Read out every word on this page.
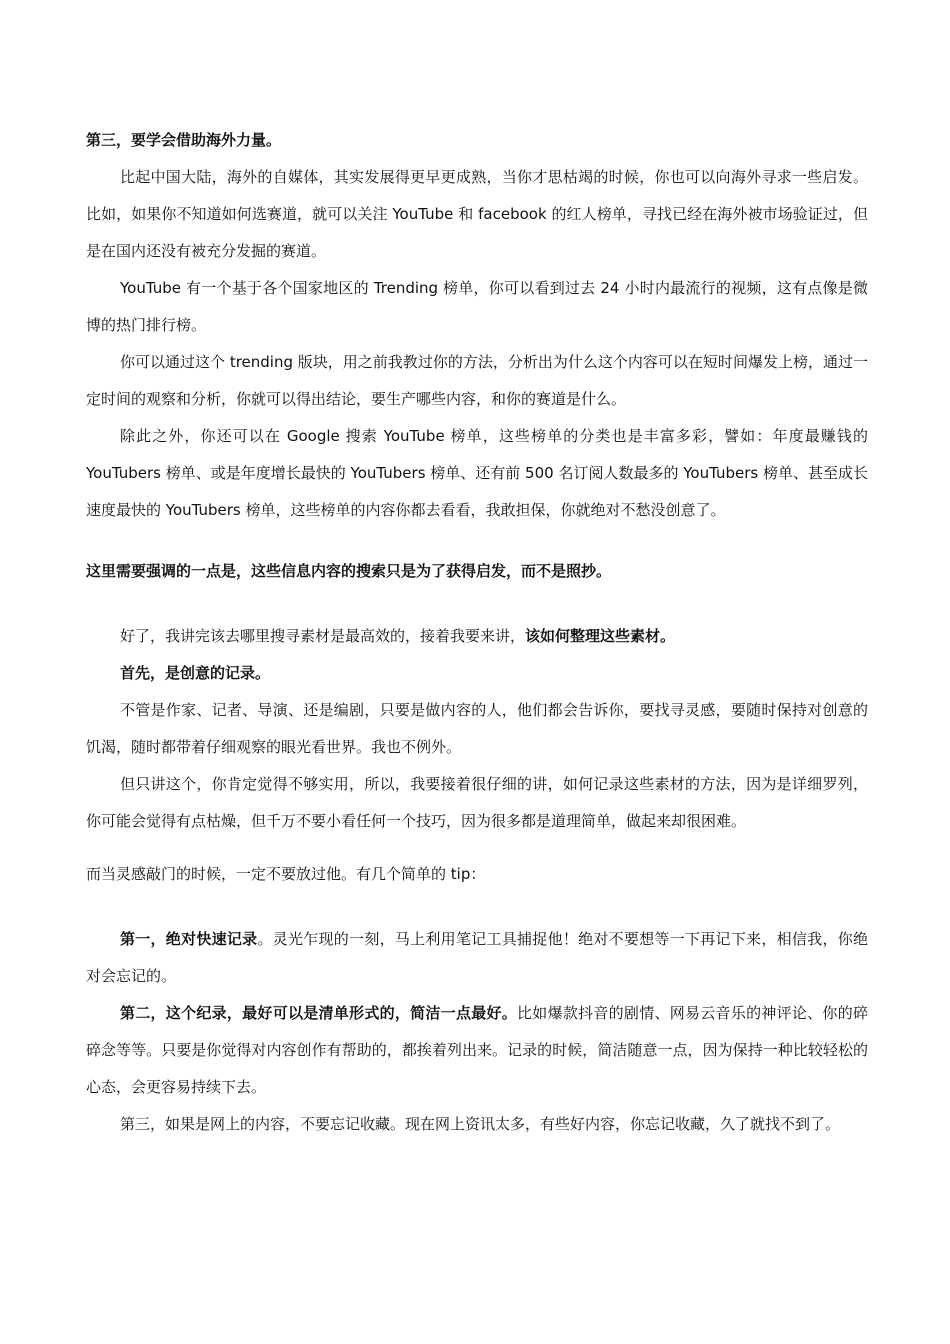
第三，要学会借助海外力量。

比起中国大陆，海外的自媒体，其实发展得更早更成熟，当你才思枯竭的时候，你也可以向海外寻求一些启发。比如，如果你不知道如何选赛道，就可以关注 YouTube 和 facebook 的红人榜单，寻找已经在海外被市场验证过，但是在国内还没有被充分发掘的赛道。

YouTube 有一个基于各个国家地区的 Trending 榜单，你可以看到过去 24 小时内最流行的视频，这有点像是微博的热门排行榜。

你可以通过这个 trending 版块，用之前我教过你的方法，分析出为什么这个内容可以在短时间爆发上榜，通过一定时间的观察和分析，你就可以得出结论，要生产哪些内容，和你的赛道是什么。

除此之外，你还可以在 Google 搜索 YouTube 榜单，这些榜单的分类也是丰富多彩，譬如：年度最赚钱的 YouTubers 榜单、或是年度增长最快的 YouTubers 榜单、还有前 500 名订阅人数最多的 YouTubers 榜单、甚至成长速度最快的 YouTubers 榜单，这些榜单的内容你都去看看，我敢担保，你就绝对不愁没创意了。

这里需要强调的一点是，这些信息内容的搜索只是为了获得启发，而不是照抄。

好了，我讲完该去哪里搜寻素材是最高效的，接着我要来讲，该如何整理这些素材。

首先，是创意的记录。

不管是作家、记者、导演、还是编剧，只要是做内容的人，他们都会告诉你，要找寻灵感，要随时保持对创意的饥渴，随时都带着仔细观察的眼光看世界。我也不例外。

但只讲这个，你肯定觉得不够实用，所以，我要接着很仔细的讲，如何记录这些素材的方法，因为是详细罗列，你可能会觉得有点枯燥，但千万不要小看任何一个技巧，因为很多都是道理简单，做起来却很困难。

而当灵感敲门的时候，一定不要放过他。有几个简单的 tip：

第一，绝对快速记录。灵光乍现的一刻，马上利用笔记工具捕捉他！绝对不要想等一下再记下来，相信我，你绝对会忘记的。

第二，这个纪录，最好可以是清单形式的，简洁一点最好。比如爆款抖音的剧情、网易云音乐的神评论、你的碎碎念等等。只要是你觉得对内容创作有帮助的，都挨着列出来。记录的时候，简洁随意一点，因为保持一种比较轻松的心态，会更容易持续下去。

第三，如果是网上的内容，不要忘记收藏。现在网上资讯太多，有些好内容，你忘记收藏，久了就找不到了。
